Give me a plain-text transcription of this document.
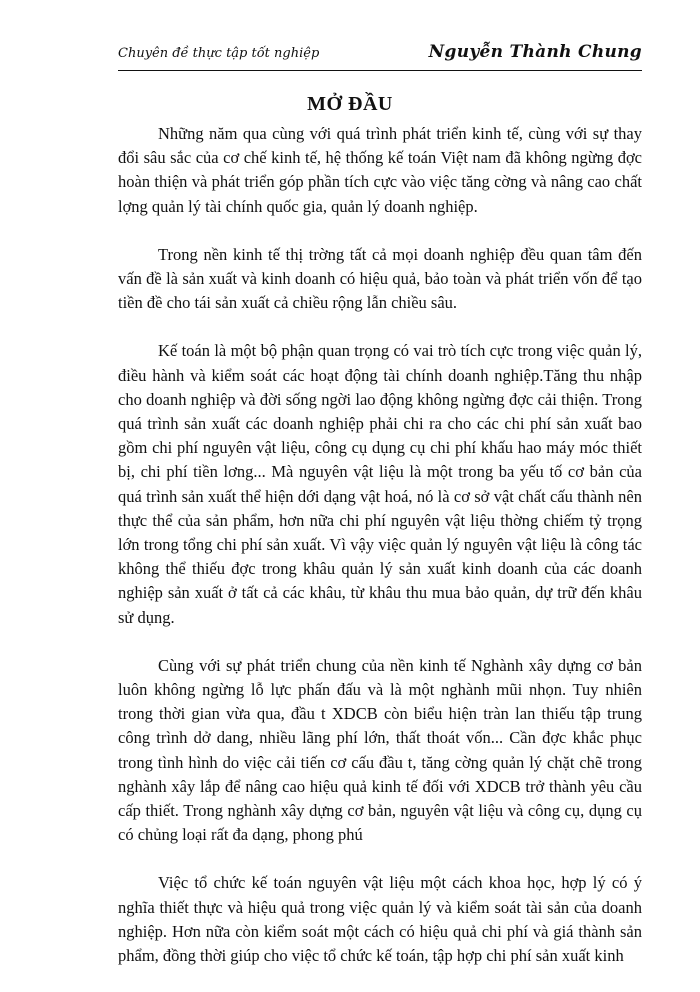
Chuyên đề thực tập tốt nghiệp	Nguyễn Thành Chung
MỞ ĐẦU

Những năm qua cùng với quá trình phát triển kinh tế, cùng với sự thay đổi sâu sắc của cơ chế kinh tế, hệ thống kế toán Việt nam đã không ngừng đợc hoàn thiện và phát triển góp phần tích cực vào việc tăng cờng và nâng cao chất lợng quản lý tài chính quốc gia, quản lý doanh nghiệp.

Trong nền kinh tế thị trờng tất cả mọi doanh nghiệp đều quan tâm đến vấn đề là sản xuất và kinh doanh có hiệu quả, bảo toàn và phát triển vốn để tạo tiền đề cho tái sản xuất cả chiều rộng lẫn chiều sâu.

Kế toán là một bộ phận quan trọng có vai trò tích cực trong việc quản lý, điều hành và kiểm soát các hoạt động tài chính doanh nghiệp.Tăng thu nhập cho doanh nghiệp và đời sống ngời lao động không ngừng đợc cải thiện. Trong quá trình sản xuất các doanh nghiệp phải chi ra cho các chi phí sản xuất bao gồm chi phí nguyên vật liệu, công cụ dụng cụ chi phí khấu hao máy móc thiết bị, chi phí tiền lơng... Mà nguyên vật liệu là một trong ba yếu tố cơ bản của quá trình sản xuất thể hiện dới dạng vật hoá, nó là cơ sở vật chất cấu thành nên thực thể của sản phẩm, hơn nữa chi phí nguyên vật liệu thờng chiếm tỷ trọng lớn trong tổng chi phí sản xuất. Vì vậy việc quản lý nguyên vật liệu là công tác không thể thiếu đợc trong khâu quản lý sản xuất kinh doanh của các doanh nghiệp sản xuất ở tất cả các khâu, từ khâu thu mua bảo quản, dự trữ đến khâu sử dụng.

Cùng với sự phát triển chung của nền kinh tế Nghành xây dựng cơ bản luôn không ngừng lỗ lực phấn đấu và là một nghành mũi nhọn. Tuy nhiên trong thời gian vừa qua, đầu t XDCB còn biểu hiện tràn lan thiếu tập trung công trình dở dang, nhiều lãng phí lớn, thất thoát vốn... Cần đợc khắc phục trong tình hình do việc cải tiến cơ cấu đầu t, tăng cờng quản lý chặt chẽ trong nghành xây lắp để nâng cao hiệu quả kinh tế đối với XDCB trở thành yêu cầu cấp thiết. Trong nghành xây dựng cơ bản, nguyên vật liệu và công cụ, dụng cụ có chủng loại rất đa dạng, phong phú

Việc tổ chức kế toán nguyên vật liệu một cách khoa học, hợp lý có ý nghĩa thiết thực và hiệu quả trong việc quản lý và kiểm soát tài sản của doanh nghiệp. Hơn nữa còn kiểm soát một cách có hiệu quả chi phí và giá thành sản phẩm, đồng thời giúp cho việc tổ chức kế toán, tập hợp chi phí sản xuất kinh
